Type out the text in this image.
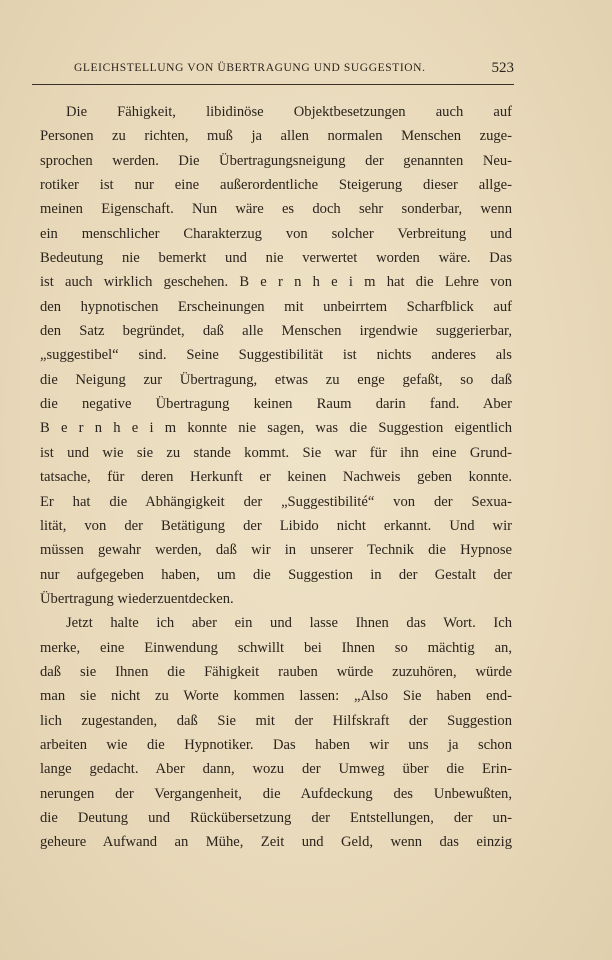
GLEICHSTELLUNG VON ÜBERTRAGUNG UND SUGGESTION.	523
Die Fähigkeit, libidinöse Objektbesetzungen auch auf
Personen zu richten, muß ja allen normalen Menschen zuge-
sprochen werden. Die Übertragungsneigung der genannten Neu-
rotiker ist nur eine außerordentliche Steigerung dieser allge-
meinen Eigenschaft. Nun wäre es doch sehr sonderbar, wenn
ein menschlicher Charakterzug von solcher Verbreitung und
Bedeutung nie bemerkt und nie verwertet worden wäre. Das
ist auch wirklich geschehen. B e r n h e i m hat die Lehre von
den hypnotischen Erscheinungen mit unbeirrtem Scharfblick auf
den Satz begründet, daß alle Menschen irgendwie suggerierbar,
„suggestibel“ sind. Seine Suggestibilität ist nichts anderes als
die Neigung zur Übertragung, etwas zu enge gefaßt, so daß
die negative Übertragung keinen Raum darin fand. Aber
B e r n h e i m konnte nie sagen, was die Suggestion eigentlich
ist und wie sie zu stande kommt. Sie war für ihn eine Grund-
tatsache, für deren Herkunft er keinen Nachweis geben konnte.
Er hat die Abhängigkeit der „Suggestibilité“ von der Sexua-
lität, von der Betätigung der Libido nicht erkannt. Und wir
müssen gewahr werden, daß wir in unserer Technik die Hypnose
nur aufgegeben haben, um die Suggestion in der Gestalt der
Übertragung wiederzuentdecken.
Jetzt halte ich aber ein und lasse Ihnen das Wort. Ich
merke, eine Einwendung schwillt bei Ihnen so mächtig an,
daß sie Ihnen die Fähigkeit rauben würde zuzuhören, würde
man sie nicht zu Worte kommen lassen: „Also Sie haben end-
lich zugestanden, daß Sie mit der Hilfskraft der Suggestion
arbeiten wie die Hypnotiker. Das haben wir uns ja schon
lange gedacht. Aber dann, wozu der Umweg über die Erin-
nerungen der Vergangenheit, die Aufdeckung des Unbewußten,
die Deutung und Rückübersetzung der Entstellungen, der un-
geheure Aufwand an Mühe, Zeit und Geld, wenn das einzig
